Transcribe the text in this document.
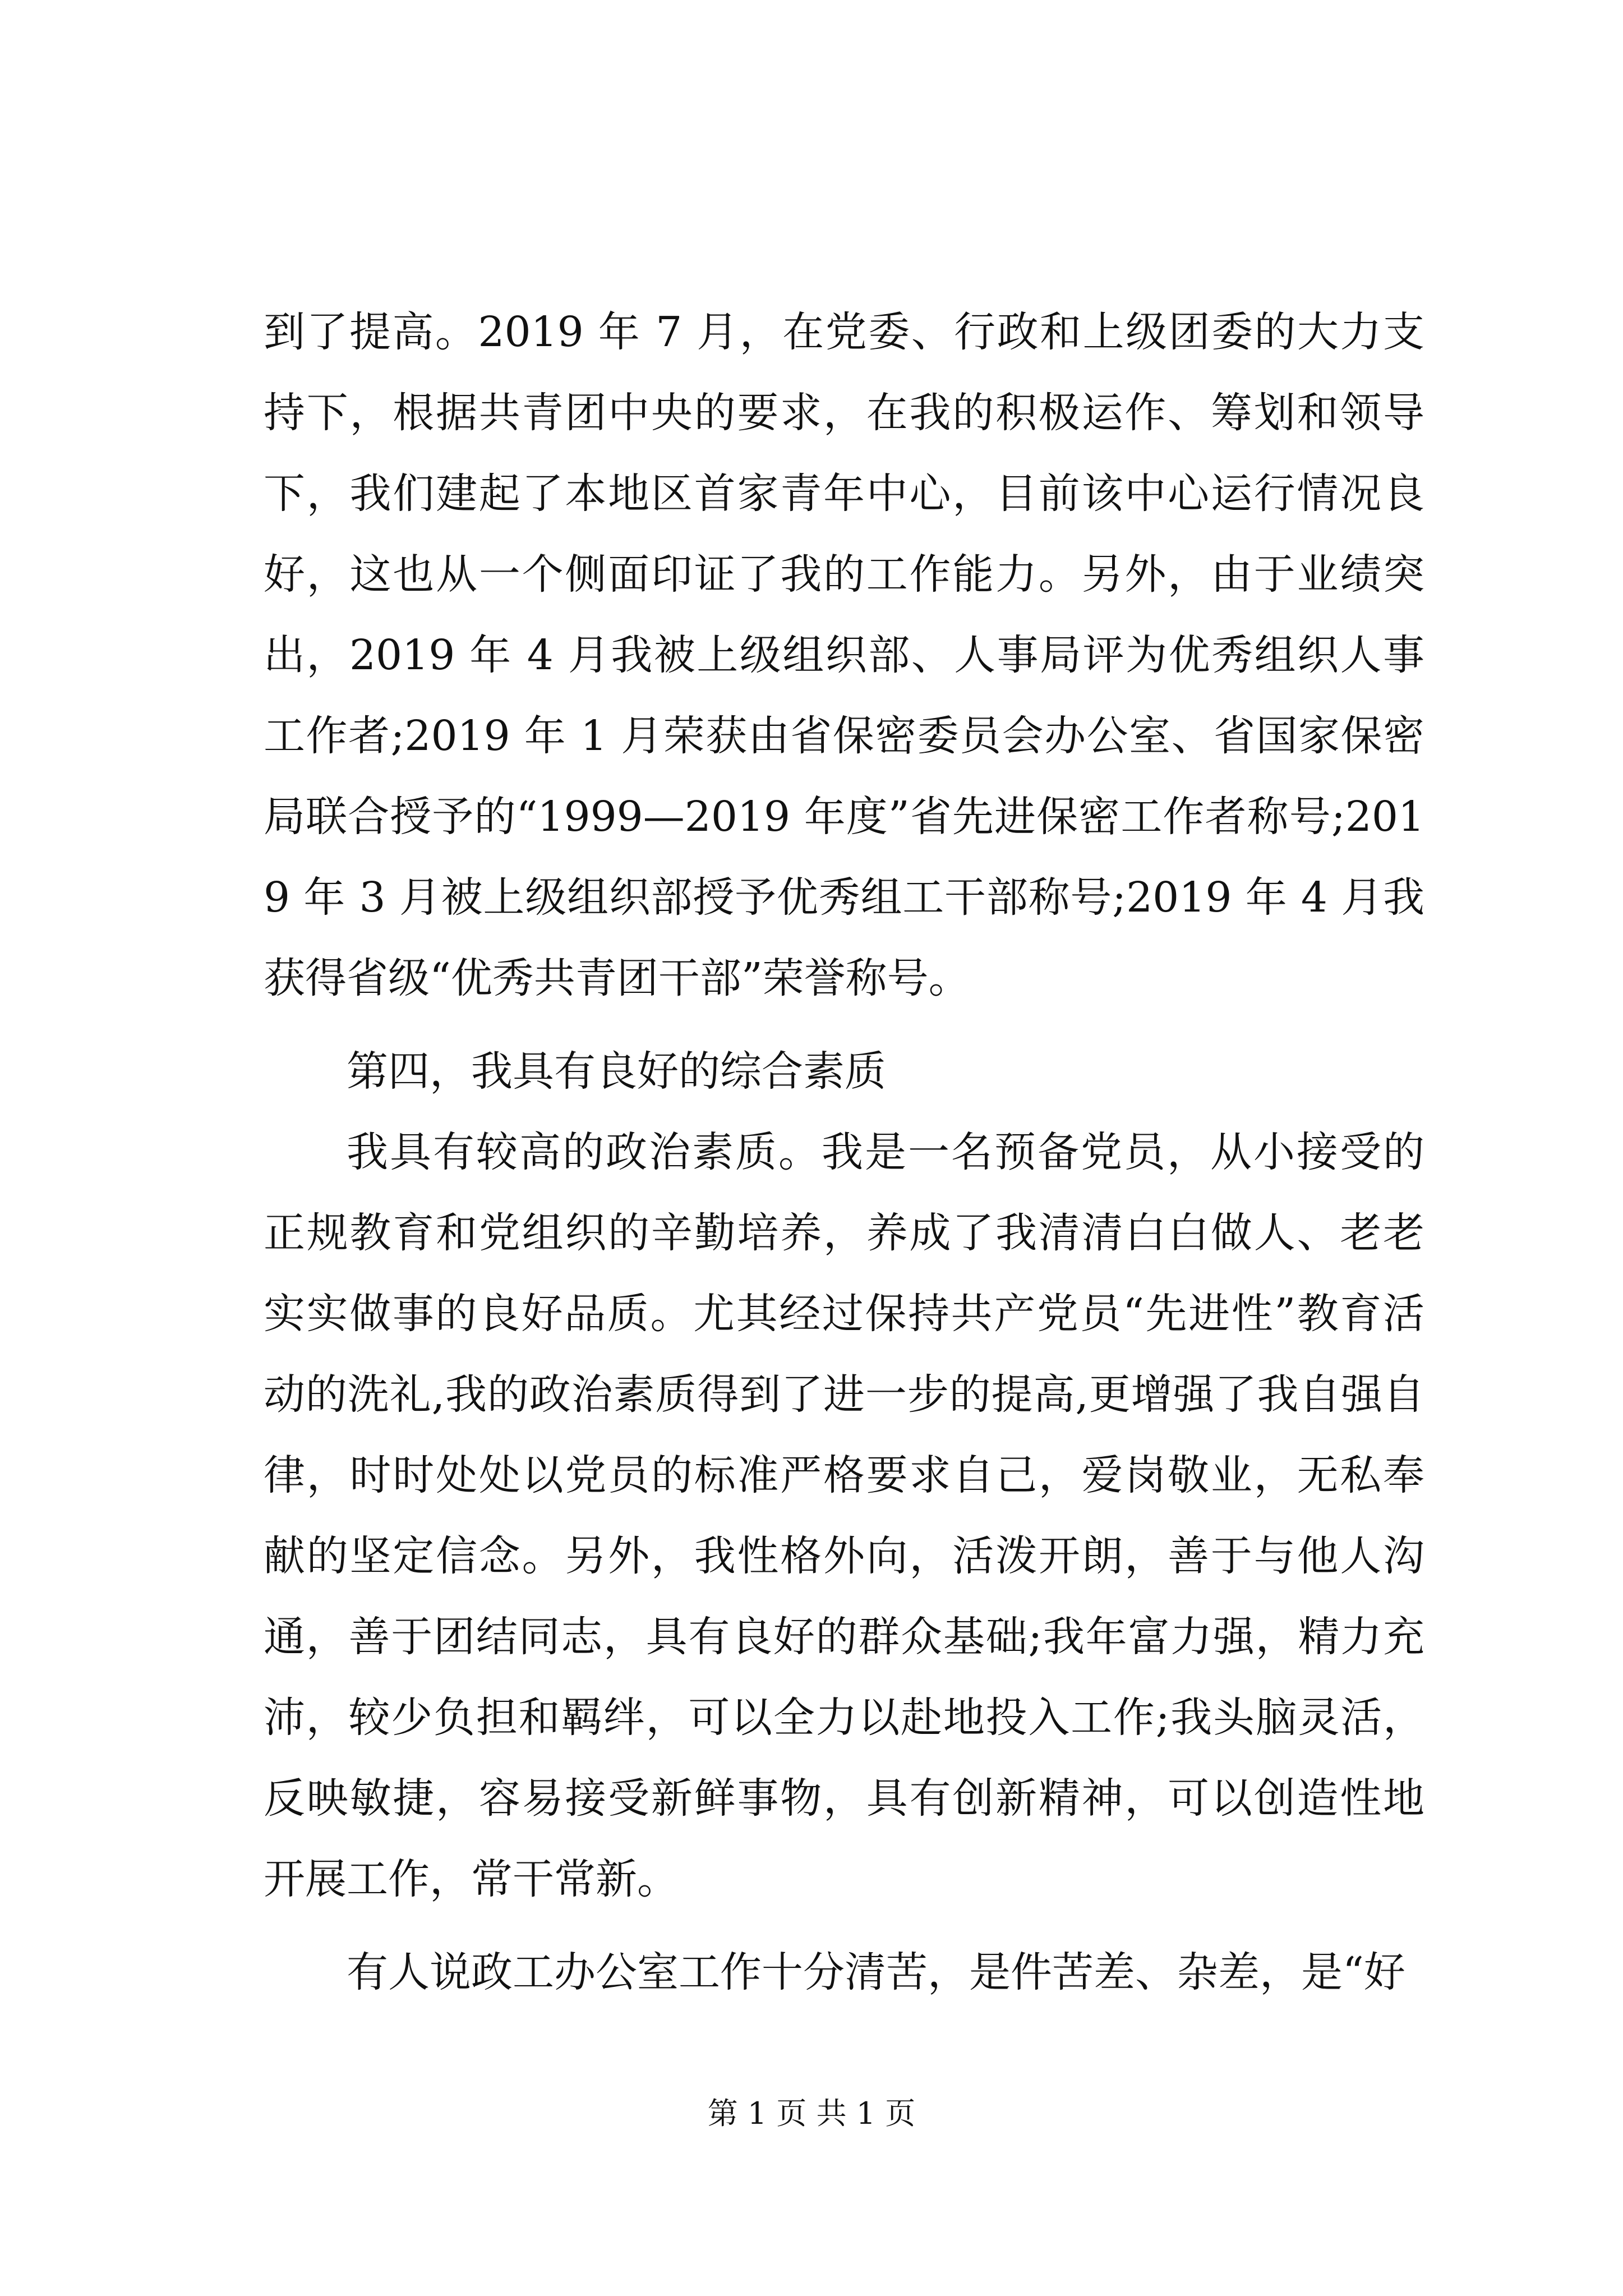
到了提高。2019 年 7 月，在党委、行政和上级团委的大力支持下，根据共青团中央的要求，在我的积极运作、筹划和领导下，我们建起了本地区首家青年中心，目前该中心运行情况良好，这也从一个侧面印证了我的工作能力。另外，由于业绩突出，2019 年 4 月我被上级组织部、人事局评为优秀组织人事工作者;2019 年 1 月荣获由省保密委员会办公室、省国家保密局联合授予的“1999—2019 年度”省先进保密工作者称号;2019 年 3 月被上级组织部授予优秀组工干部称号;2019 年 4 月我获得省级“优秀共青团干部”荣誉称号。

第四，我具有良好的综合素质

我具有较高的政治素质。我是一名预备党员，从小接受的正规教育和党组织的辛勤培养，养成了我清清白白做人、老老实实做事的良好品质。尤其经过保持共产党员“先进性”教育活动的洗礼,我的政治素质得到了进一步的提高,更增强了我自强自律，时时处处以党员的标准严格要求自己，爱岗敬业，无私奉献的坚定信念。另外，我性格外向，活泼开朗，善于与他人沟通，善于团结同志，具有良好的群众基础;我年富力强，精力充沛，较少负担和羁绊，可以全力以赴地投入工作;我头脑灵活，反映敏捷，容易接受新鲜事物，具有创新精神，可以创造性地开展工作，常干常新。

有人说政工办公室工作十分清苦，是件苦差、杂差，是“好

第 1 页 共 1 页
